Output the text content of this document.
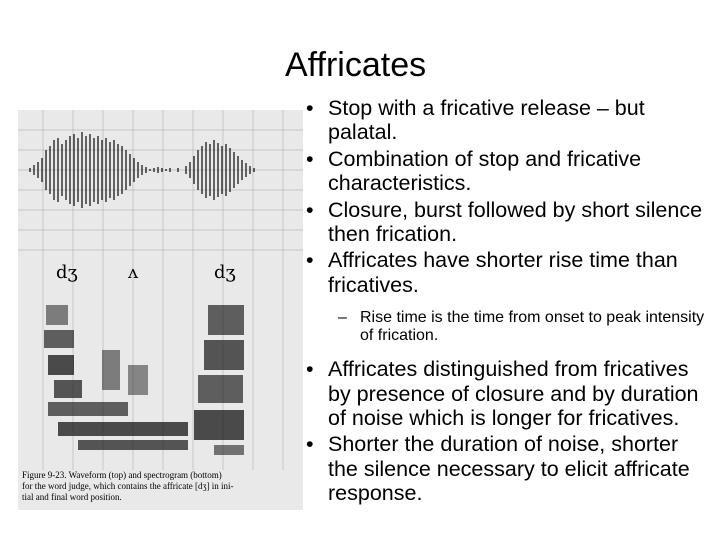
Affricates
dʒ	ʌ	dʒ
Figure 9-23. Waveform (top) and spectrogram (bottom)
for the word judge, which contains the affricate [dʒ] in ini-
tial and final word position.
• Stop with a fricative release – but palatal.
• Combination of stop and fricative characteristics.
• Closure, burst followed by short silence then frication.
• Affricates have shorter rise time than fricatives.
– Rise time is the time from onset to peak intensity of frication.
• Affricates distinguished from fricatives by presence of closure and by duration of noise which is longer for fricatives.
• Shorter the duration of noise, shorter the silence necessary to elicit affricate response.
